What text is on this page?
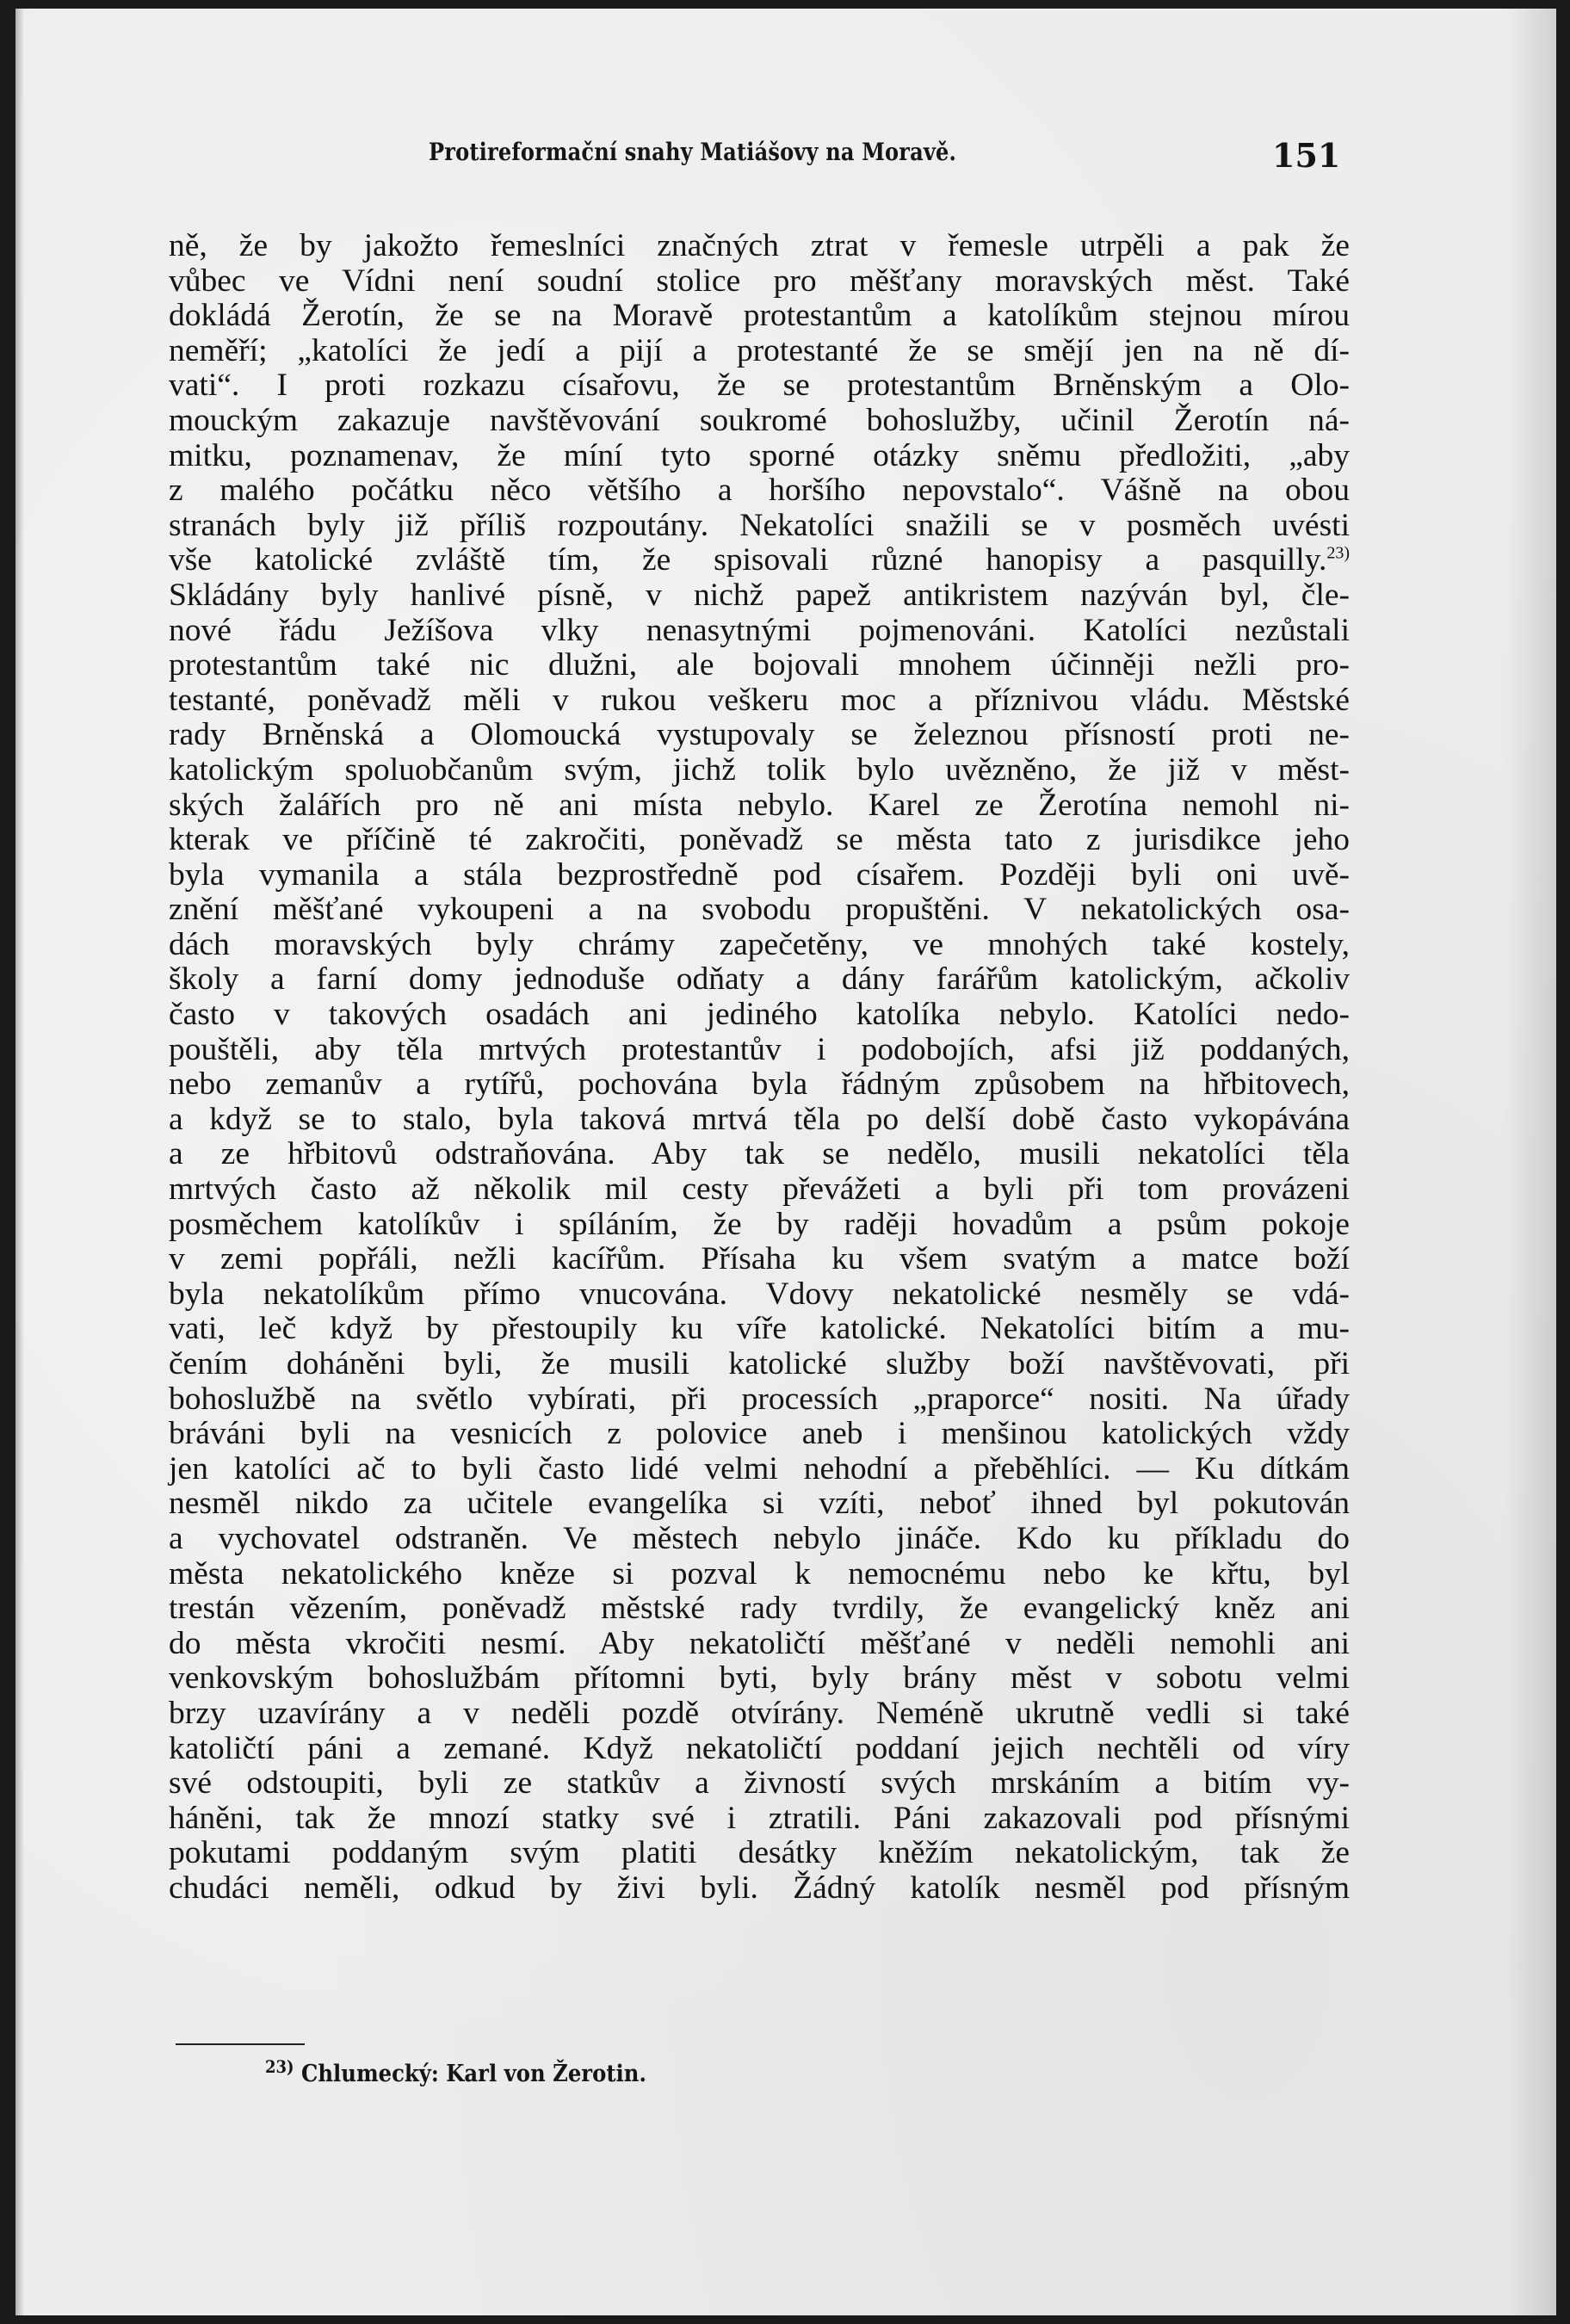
Protireformační snahy Matiášovy na Moravě.	151
ně, že by jakožto řemeslníci značných ztrat v řemesle utrpěli a pak že
vůbec ve Vídni není soudní stolice pro měšťany moravských měst. Také
dokládá Žerotín, že se na Moravě protestantům a katolíkům stejnou mírou
neměří; „katolíci že jedí a pijí a protestanté že se smějí jen na ně dí-
vati“. I proti rozkazu císařovu, že se protestantům Brněnským a Olo-
mouckým zakazuje navštěvování soukromé bohoslužby, učinil Žerotín ná-
mitku, poznamenav, že míní tyto sporné otázky sněmu předložiti, „aby
z malého počátku něco většího a horšího nepovstalo“. Vášně na obou
stranách byly již příliš rozpoutány. Nekatolíci snažili se v posměch uvésti
vše katolické zvláště tím, že spisovali různé hanopisy a pasquilly.$^{23)}$
Skládány byly hanlivé písně, v nichž papež antikristem nazýván byl, čle-
nové řádu Ježíšova vlky nenasytnými pojmenováni. Katolíci nezůstali
protestantům také nic dlužni, ale bojovali mnohem účinněji nežli pro-
testanté, poněvadž měli v rukou veškeru moc a příznivou vládu. Městské
rady Brněnská a Olomoucká vystupovaly se železnou přísností proti ne-
katolickým spoluobčanům svým, jichž tolik bylo uvězněno, že již v měst-
ských žalářích pro ně ani místa nebylo. Karel ze Žerotína nemohl ni-
kterak ve příčině té zakročiti, poněvadž se města tato z jurisdikce jeho
byla vymanila a stála bezprostředně pod císařem. Později byli oni uvě-
znění měšťané vykoupeni a na svobodu propuštěni. V nekatolických osa-
dách moravských byly chrámy zapečetěny, ve mnohých také kostely,
školy a farní domy jednoduše odňaty a dány farářům katolickým, ačkoliv
často v takových osadách ani jediného katolíka nebylo. Katolíci nedo-
pouštěli, aby těla mrtvých protestantův i podobojích, afsi již poddaných,
nebo zemanův a rytířů, pochována byla řádným způsobem na hřbitovech,
a když se to stalo, byla taková mrtvá těla po delší době často vykopávána
a ze hřbitovů odstraňována. Aby tak se nedělo, musili nekatolíci těla
mrtvých často až několik mil cesty převážeti a byli při tom provázeni
posměchem katolíkův i spíláním, že by raději hovadům a psům pokoje
v zemi popřáli, nežli kacířům. Přísaha ku všem svatým a matce boží
byla nekatolíkům přímo vnucována. Vdovy nekatolické nesměly se vdá-
vati, leč když by přestoupily ku víře katolické. Nekatolíci bitím a mu-
čením doháněni byli, že musili katolické služby boží navštěvovati, při
bohoslužbě na světlo vybírati, při processích „praporce“ nositi. Na úřady
bráváni byli na vesnicích z polovice aneb i menšinou katolických vždy
jen katolíci ač to byli často lidé velmi nehodní a přeběhlíci. — Ku dítkám
nesměl nikdo za učitele evangelíka si vzíti, neboť ihned byl pokutován
a vychovatel odstraněn. Ve městech nebylo jináče. Kdo ku příkladu do
města nekatolického kněze si pozval k nemocnému nebo ke křtu, byl
trestán vězením, poněvadž městské rady tvrdily, že evangelický kněz ani
do města vkročiti nesmí. Aby nekatoličtí měšťané v neděli nemohli ani
venkovským bohoslužbám přítomni byti, byly brány měst v sobotu velmi
brzy uzavírány a v neděli pozdě otvírány. Neméně ukrutně vedli si také
katoličtí páni a zemané. Když nekatoličtí poddaní jejich nechtěli od víry
své odstoupiti, byli ze statkův a živností svých mrskáním a bitím vy-
háněni, tak že mnozí statky své i ztratili. Páni zakazovali pod přísnými
pokutami poddaným svým platiti desátky kněžím nekatolickým, tak že
chudáci neměli, odkud by živi byli. Žádný katolík nesměl pod přísným
$^{23)}$ Chlumecký: Karl von Žerotin.
